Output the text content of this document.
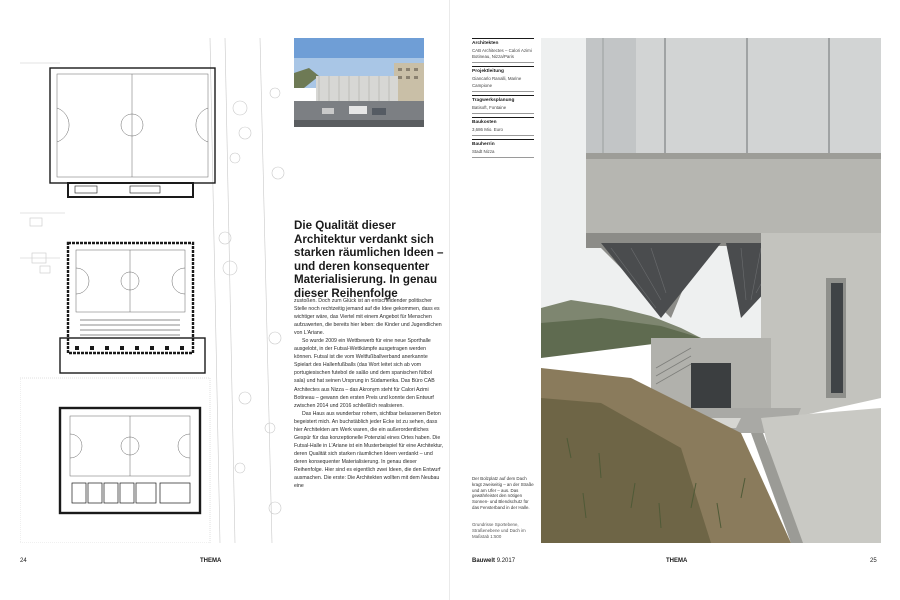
Die Qualität dieser Architektur verdankt sich starken räumlichen Ideen – und deren konsequenter Materialisierung. In genau dieser Reihenfolge

zustoßen. Doch zum Glück ist an entscheidender politischer Stelle noch rechtzeitig jemand auf die Idee gekommen, dass es wichtiger wäre, das Viertel mit einem Angebot für Menschen aufzuwerten, die bereits hier leben: die Kinder und Jugendlichen von L'Ariane.

So wurde 2009 ein Wettbewerb für eine neue Sporthalle ausgelobt, in der Futsal-Wettkämpfe ausgetragen werden können. Futsal ist die vom Weltfußballverband anerkannte Spielart des Hallenfußballs (das Wort leitet sich ab vom portugiesischen futebol de salão und dem spanischen fútbol sala) und hat seinen Ursprung in Südamerika. Das Büro CAB Architectes aus Nizza – das Akronym steht für Calori Azimi Botineau – gewann den ersten Preis und konnte den Entwurf zwischen 2014 und 2016 schließlich realisieren.

Das Haus aus wunderbar rohem, sichtbar belassenen Beton begeistert mich. An buchstäblich jeder Ecke ist zu sehen, dass hier Architekten am Werk waren, die ein außerordentliches Gespür für das konzeptionelle Potenzial eines Ortes haben. Die Futsal-Halle in L'Ariane ist ein Musterbeispiel für eine Architektur, deren Qualität sich starken räumlichen Ideen verdankt – und deren konsequenter Materialisierung. In genau dieser Reihenfolge. Hier sind es eigentlich zwei Ideen, die den Entwurf ausmachen. Die erste: Die Architekten wollten mit dem Neubau eine

24	THEMA	Bauwelt 9.2017	THEMA	25

Architekten

CAB Architectes – Calori Azimi Botineau, Nizza/Paris

Projektleitung

Giancarlo Ranalli, Marine Campione

Tragwerksplanung

Batisoft, Fontaine

Baukosten

3,686 Mio. Euro

Bauherrin

Stadt Nizza

Der Bolzplatz auf dem Dach kragt zweiseitig – an der Straße und am Ufer – aus. Das gewährleistet den nötigen Sonnen- und Blendschutz für das Fensterband in der Halle.

Grundrisse Sportebene, Straßenebene und Dach im Maßstab 1:500
